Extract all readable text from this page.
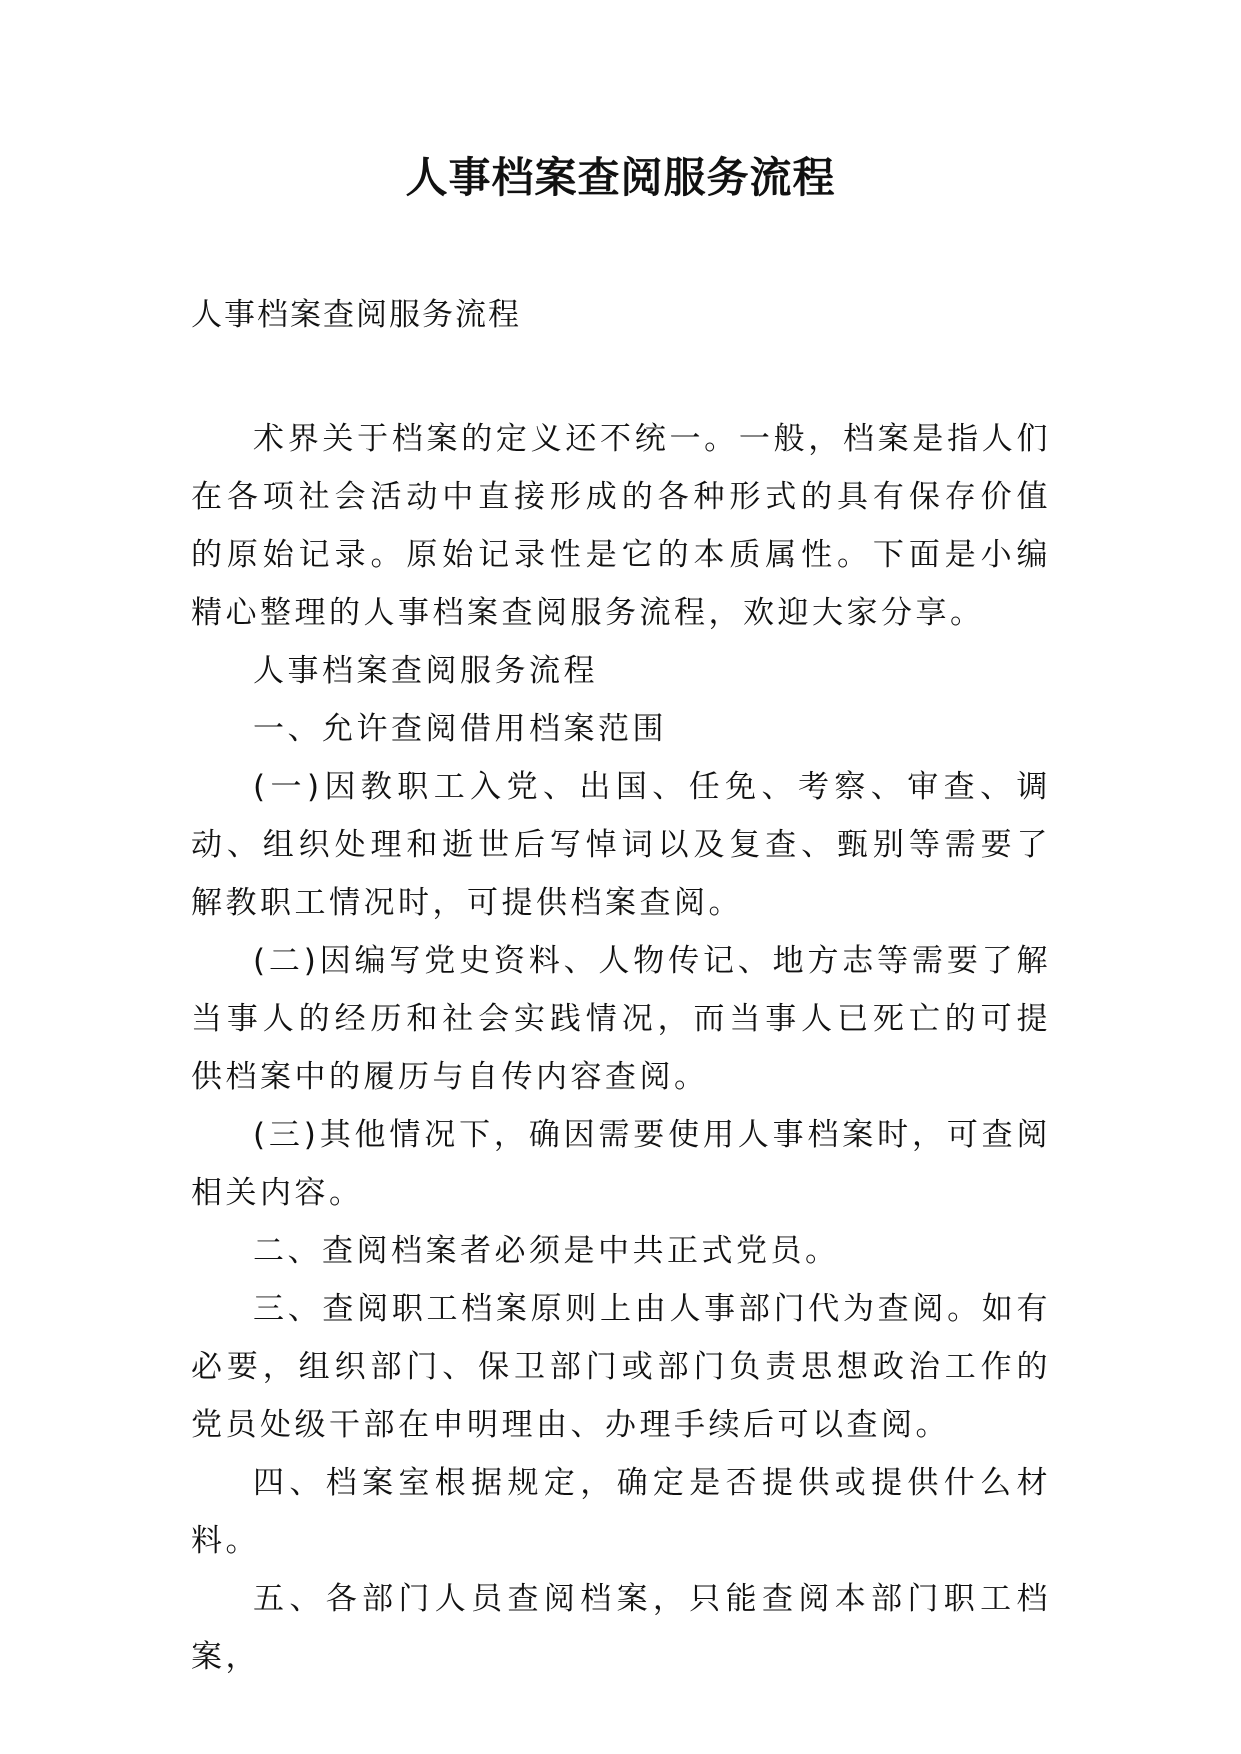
人事档案查阅服务流程
人事档案查阅服务流程

术界关于档案的定义还不统一。一般，档案是指人们在各项社会活动中直接形成的各种形式的具有保存价值的原始记录。原始记录性是它的本质属性。下面是小编精心整理的人事档案查阅服务流程，欢迎大家分享。

人事档案查阅服务流程

一、允许查阅借用档案范围

(一)因教职工入党、出国、任免、考察、审查、调动、组织处理和逝世后写悼词以及复查、甄别等需要了解教职工情况时，可提供档案查阅。

(二)因编写党史资料、人物传记、地方志等需要了解当事人的经历和社会实践情况，而当事人已死亡的可提供档案中的履历与自传内容查阅。

(三)其他情况下，确因需要使用人事档案时，可查阅相关内容。

二、查阅档案者必须是中共正式党员。

三、查阅职工档案原则上由人事部门代为查阅。如有必要，组织部门、保卫部门或部门负责思想政治工作的党员处级干部在申明理由、办理手续后可以查阅。

四、档案室根据规定，确定是否提供或提供什么材料。

五、各部门人员查阅档案，只能查阅本部门职工档案，
